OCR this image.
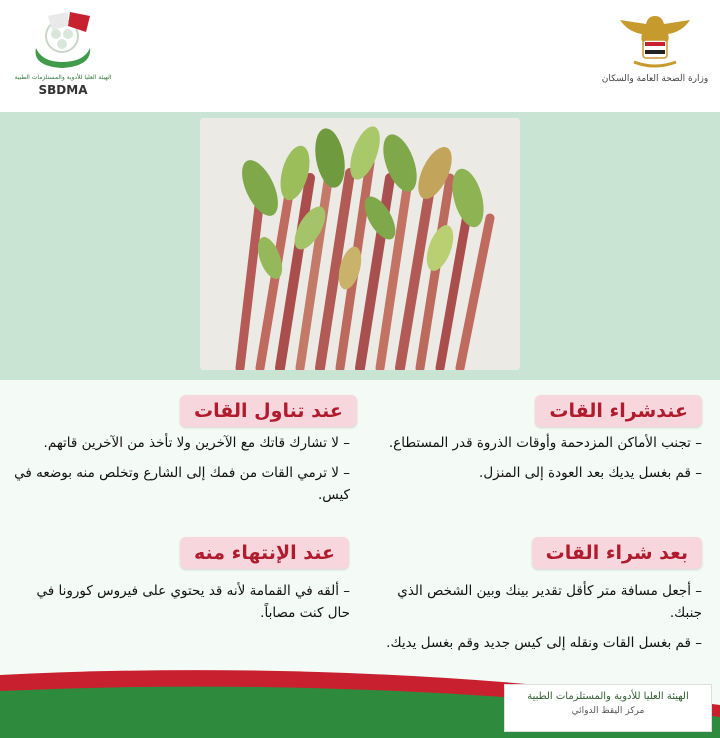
الهيئة العليا للأدوية والمستلزمات الطبية
SBDMA
وزارة الصحة العامة والسكان
عندشراء القات
– تجنب الأماكن المزدحمة وأوقات الذروة قدر المستطاع.
– قم بغسل يديك بعد العودة إلى المنزل.
عند تناول القات
– لا تشارك قاتك مع الآخرين ولا تأخذ من الآخرين قاتهم.
– لا ترمي القات من فمك إلى الشارع وتخلص منه بوضعه في كيس.
بعد شراء القات
– أجعل مسافة متر كأقل تقدير بينك وبين الشخص الذي جنبك.
– قم بغسل القات ونقله إلى كيس جديد وقم بغسل يديك.
عند الإنتهاء منه
– ألقه في القمامة لأنه قد يحتوي على فيروس كورونا في حال كنت مصاباً.
الهيئة العليا للأدوية والمستلزمات الطبية
مركز اليقظ الدوائي
